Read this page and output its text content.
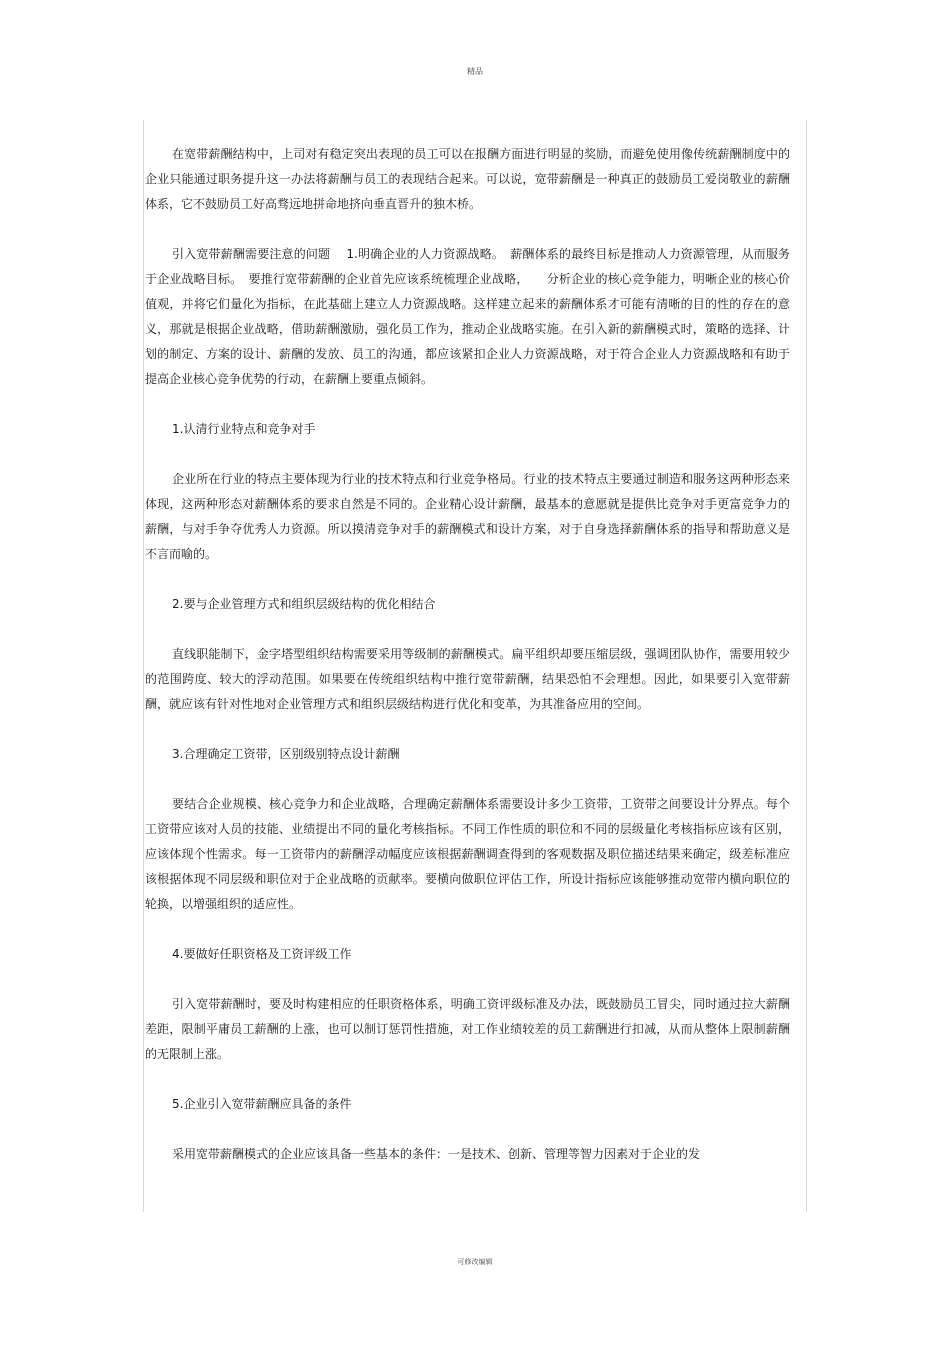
精品

在宽带薪酬结构中，上司对有稳定突出表现的员工可以在报酬方面进行明显的奖励，而避免使用像传统薪酬制度中的企业只能通过职务提升这一办法将薪酬与员工的表现结合起来。可以说，宽带薪酬是一种真正的鼓励员工爱岗敬业的薪酬体系，它不鼓励员工好高骛远地拼命地挤向垂直晋升的独木桥。

引入宽带薪酬需要注意的问题　 1.明确企业的人力资源战略。　薪酬体系的最终目标是推动人力资源管理，从而服务于企业战略目标。　要推行宽带薪酬的企业首先应该系统梳理企业战略，　　分析企业的核心竞争能力，明晰企业的核心价值观，并将它们量化为指标，在此基础上建立人力资源战略。这样建立起来的薪酬体系才可能有清晰的目的性的存在的意义，那就是根据企业战略，借助薪酬激励，强化员工作为，推动企业战略实施。在引入新的薪酬模式时，策略的选择、计划的制定、方案的设计、薪酬的发放、员工的沟通，都应该紧扣企业人力资源战略，对于符合企业人力资源战略和有助于提高企业核心竞争优势的行动，在薪酬上要重点倾斜。

1.认清行业特点和竞争对手

企业所在行业的特点主要体现为行业的技术特点和行业竞争格局。行业的技术特点主要通过制造和服务这两种形态来体现，这两种形态对薪酬体系的要求自然是不同的。企业精心设计薪酬，最基本的意愿就是提供比竞争对手更富竞争力的薪酬，与对手争夺优秀人力资源。所以摸清竞争对手的薪酬模式和设计方案，对于自身选择薪酬体系的指导和帮助意义是不言而喻的。

2.要与企业管理方式和组织层级结构的优化相结合

直线职能制下，金字塔型组织结构需要采用等级制的薪酬模式。扁平组织却要压缩层级，强调团队协作，需要用较少的范围跨度、较大的浮动范围。如果要在传统组织结构中推行宽带薪酬，结果恐怕不会理想。因此，如果要引入宽带薪酬，就应该有针对性地对企业管理方式和组织层级结构进行优化和变革，为其准备应用的空间。

3.合理确定工资带，区别级别特点设计薪酬

要结合企业规模、核心竞争力和企业战略，合理确定薪酬体系需要设计多少工资带，工资带之间要设计分界点。每个工资带应该对人员的技能、业绩提出不同的量化考核指标。不同工作性质的职位和不同的层级量化考核指标应该有区别，应该体现个性需求。每一工资带内的薪酬浮动幅度应该根据薪酬调查得到的客观数据及职位描述结果来确定，级差标准应该根据体现不同层级和职位对于企业战略的贡献率。要横向做职位评估工作，所设计指标应该能够推动宽带内横向职位的轮换，以增强组织的适应性。

4.要做好任职资格及工资评级工作

引入宽带薪酬时，要及时构建相应的任职资格体系，明确工资评级标准及办法，既鼓励员工冒尖，同时通过拉大薪酬差距，限制平庸员工薪酬的上涨，也可以制订惩罚性措施，对工作业绩较差的员工薪酬进行扣减，从而从整体上限制薪酬的无限制上涨。

5.企业引入宽带薪酬应具备的条件

采用宽带薪酬模式的企业应该具备一些基本的条件：一是技术、创新、管理等智力因素对于企业的发

可修改编辑
